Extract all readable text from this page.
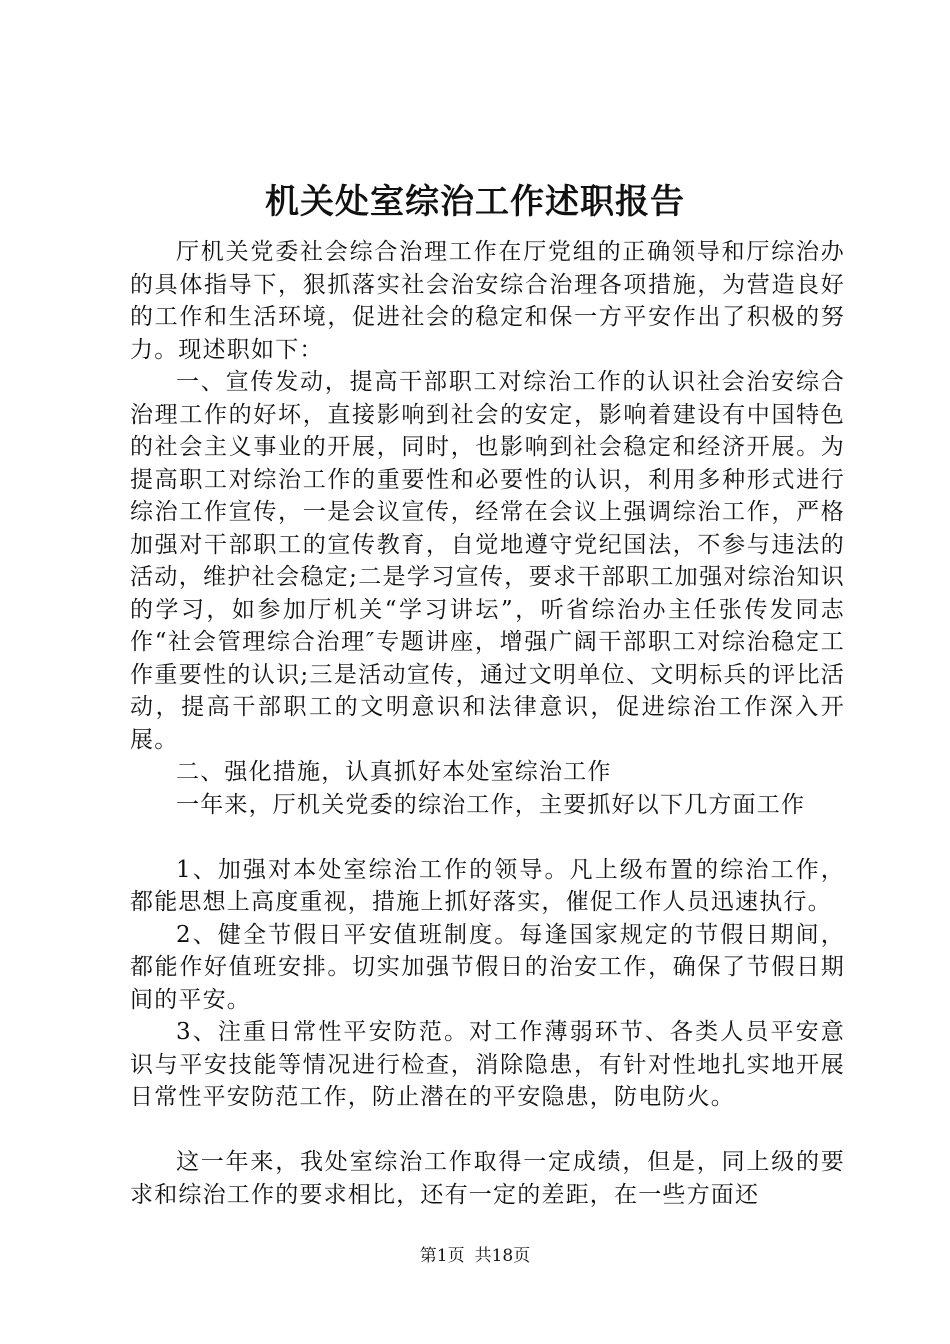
机关处室综治工作述职报告

厅机关党委社会综合治理工作在厅党组的正确领导和厅综治办的具体指导下，狠抓落实社会治安综合治理各项措施，为营造良好的工作和生活环境，促进社会的稳定和保一方平安作出了积极的努力。现述职如下：

一、宣传发动，提高干部职工对综治工作的认识社会治安综合治理工作的好坏，直接影响到社会的安定，影响着建设有中国特色的社会主义事业的开展，同时，也影响到社会稳定和经济开展。为提高职工对综治工作的重要性和必要性的认识，利用多种形式进行综治工作宣传，一是会议宣传，经常在会议上强调综治工作，严格加强对干部职工的宣传教育，自觉地遵守党纪国法，不参与违法的活动，维护社会稳定;二是学习宣传，要求干部职工加强对综治知识的学习，如参加厅机关“学习讲坛”，听省综治办主任张传发同志作“社会管理综合治理″专题讲座，增强广阔干部职工对综治稳定工作重要性的认识;三是活动宣传，通过文明单位、文明标兵的评比活动，提高干部职工的文明意识和法律意识，促进综治工作深入开展。

二、强化措施，认真抓好本处室综治工作

一年来，厅机关党委的综治工作，主要抓好以下几方面工作

1、加强对本处室综治工作的领导。凡上级布置的综治工作，都能思想上高度重视，措施上抓好落实，催促工作人员迅速执行。

2、健全节假日平安值班制度。每逢国家规定的节假日期间，都能作好值班安排。切实加强节假日的治安工作，确保了节假日期间的平安。

3、注重日常性平安防范。对工作薄弱环节、各类人员平安意识与平安技能等情况进行检查，消除隐患，有针对性地扎实地开展日常性平安防范工作，防止潜在的平安隐患，防电防火。

这一年来，我处室综治工作取得一定成绩，但是，同上级的要求和综治工作的要求相比，还有一定的差距，在一些方面还

第1页 共18页
